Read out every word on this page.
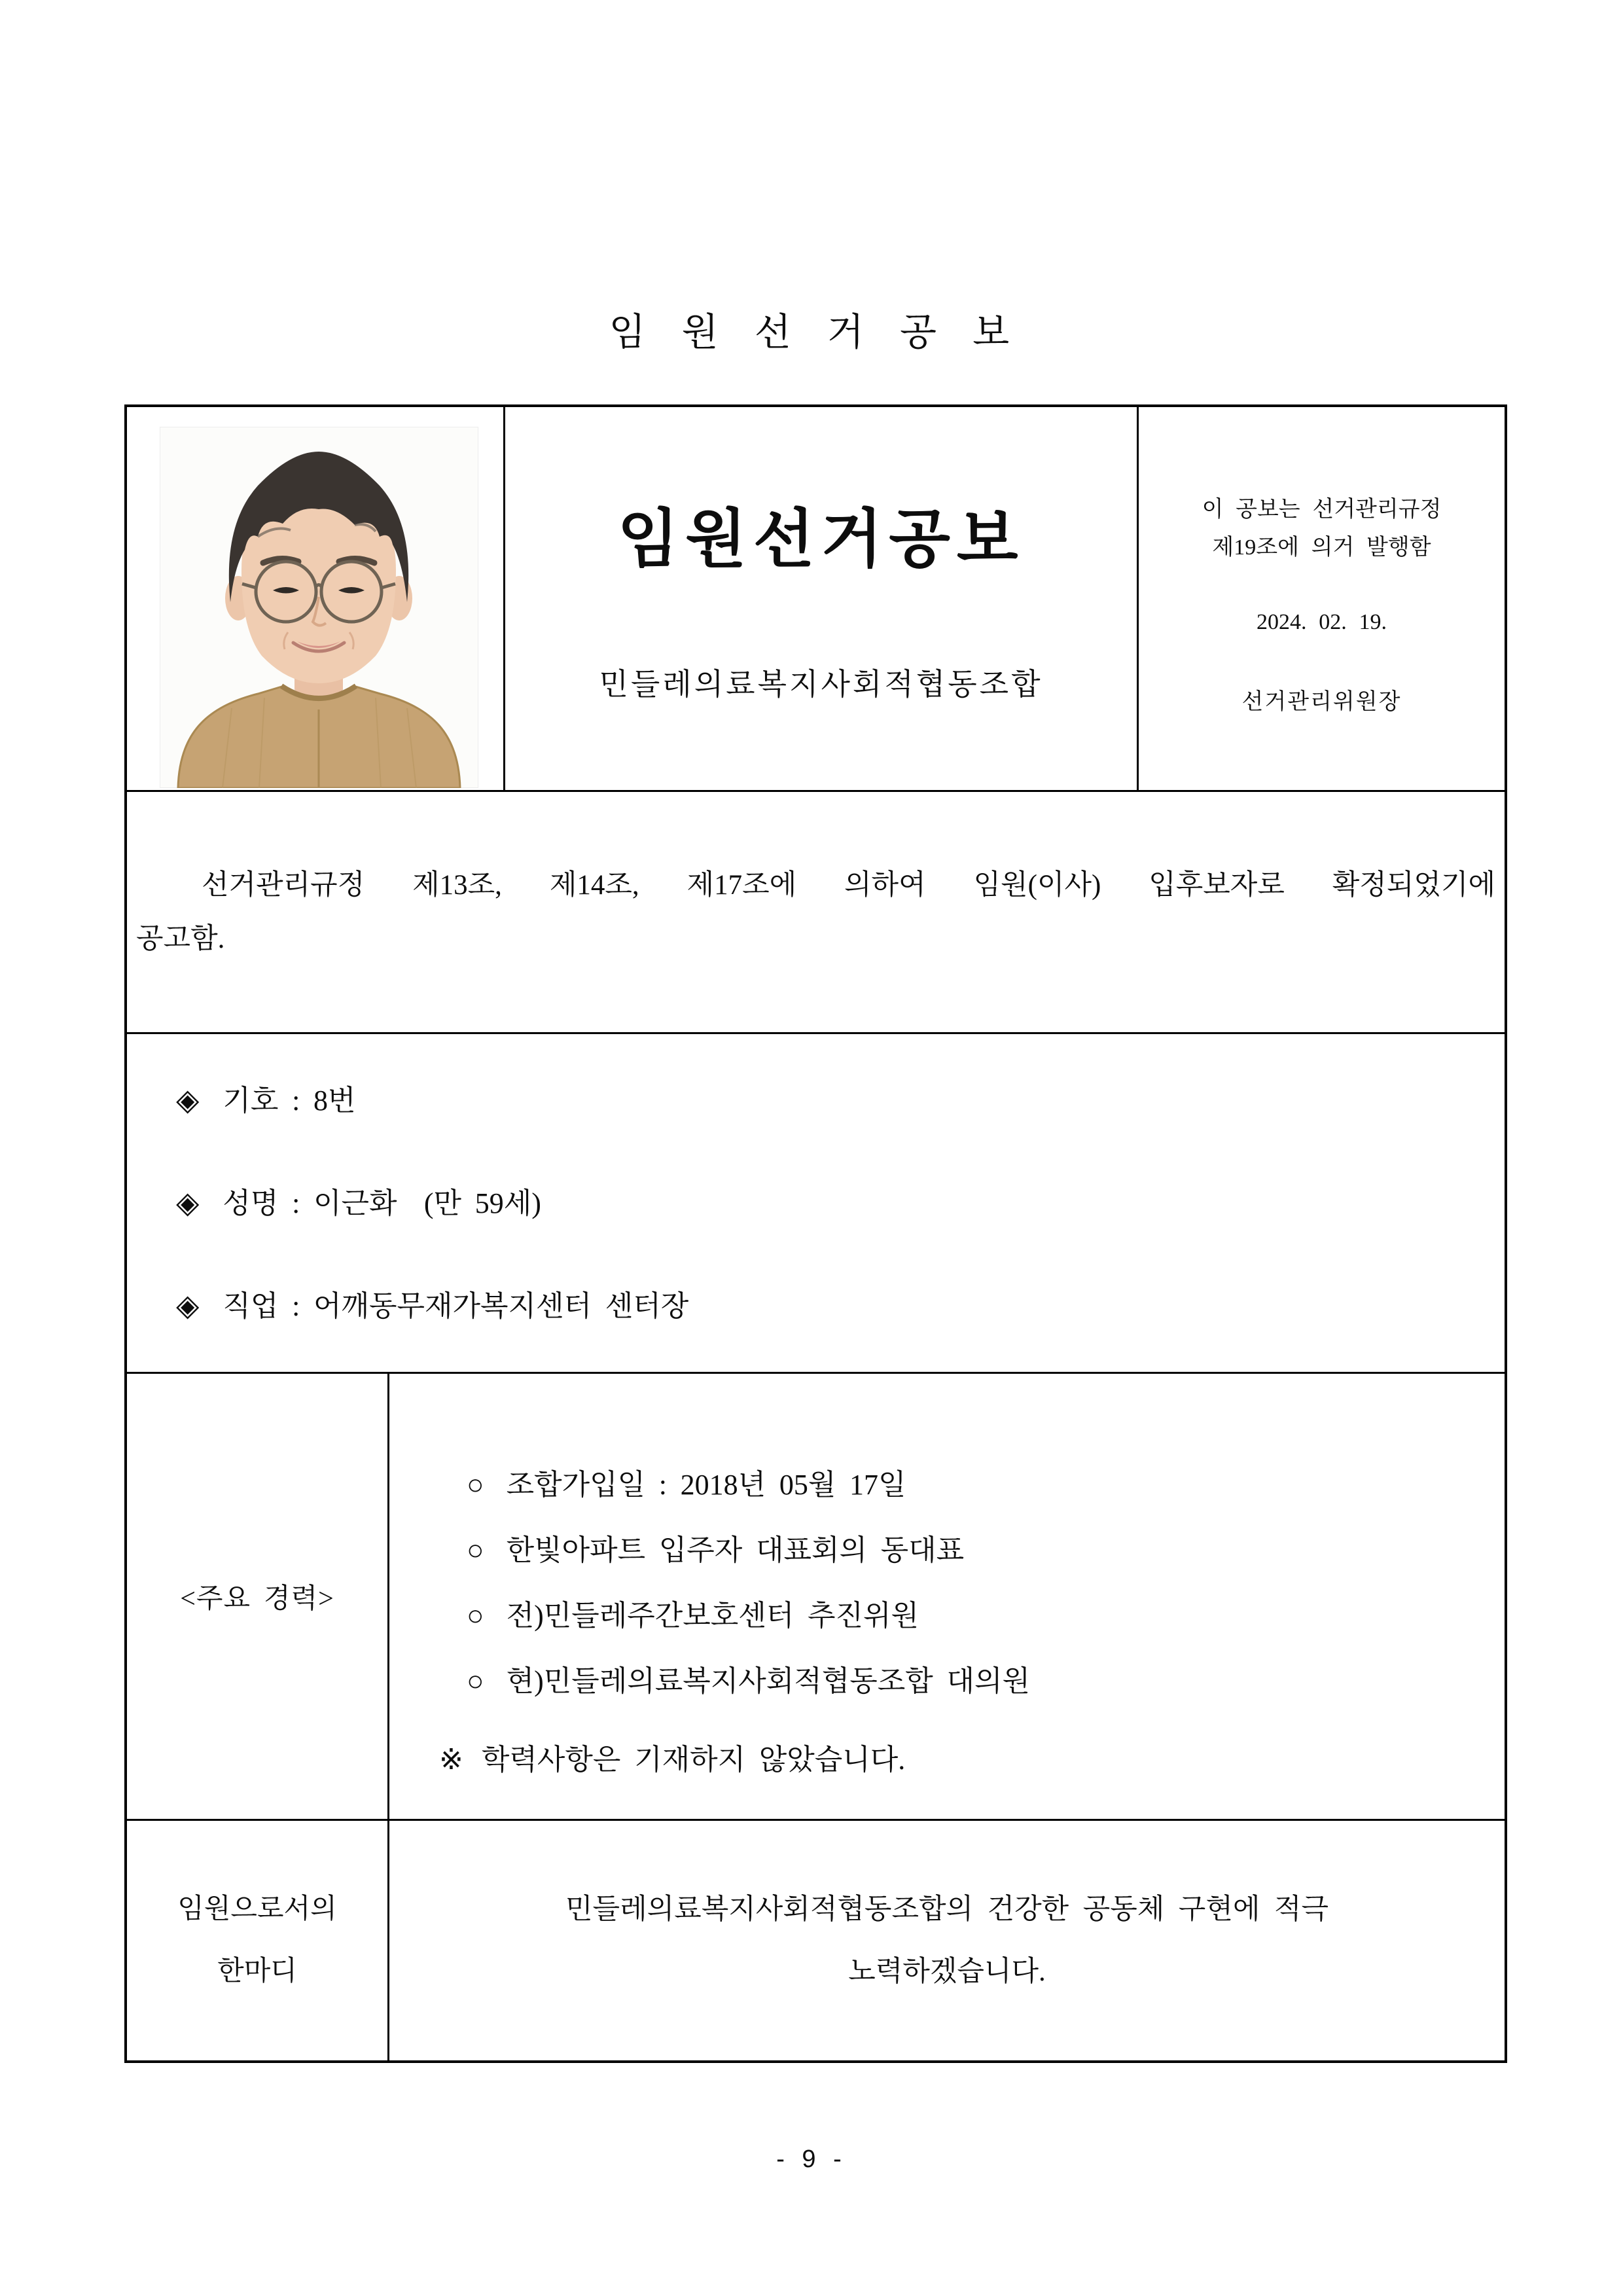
임 원 선 거 공 보
임원선거공보
민들레의료복지사회적협동조합
이 공보는 선거관리규정
제19조에 의거 발행함
2024. 02. 19.
선거관리위원장
선거관리규정 제13조, 제14조, 제17조에 의하여 임원(이사) 입후보자로 확정되었기에
공고함.
◈ 기호 : 8번
◈ 성명 : 이근화  (만 59세)
◈ 직업 : 어깨동무재가복지센터 센터장
<주요 경력>
○ 조합가입일 : 2018년 05월 17일
○ 한빛아파트 입주자 대표회의 동대표
○ 전)민들레주간보호센터 추진위원
○ 현)민들레의료복지사회적협동조합 대의원
※ 학력사항은 기재하지 않았습니다.
임원으로서의
한마디
민들레의료복지사회적협동조합의 건강한 공동체 구현에 적극
노력하겠습니다.
- 9 -
